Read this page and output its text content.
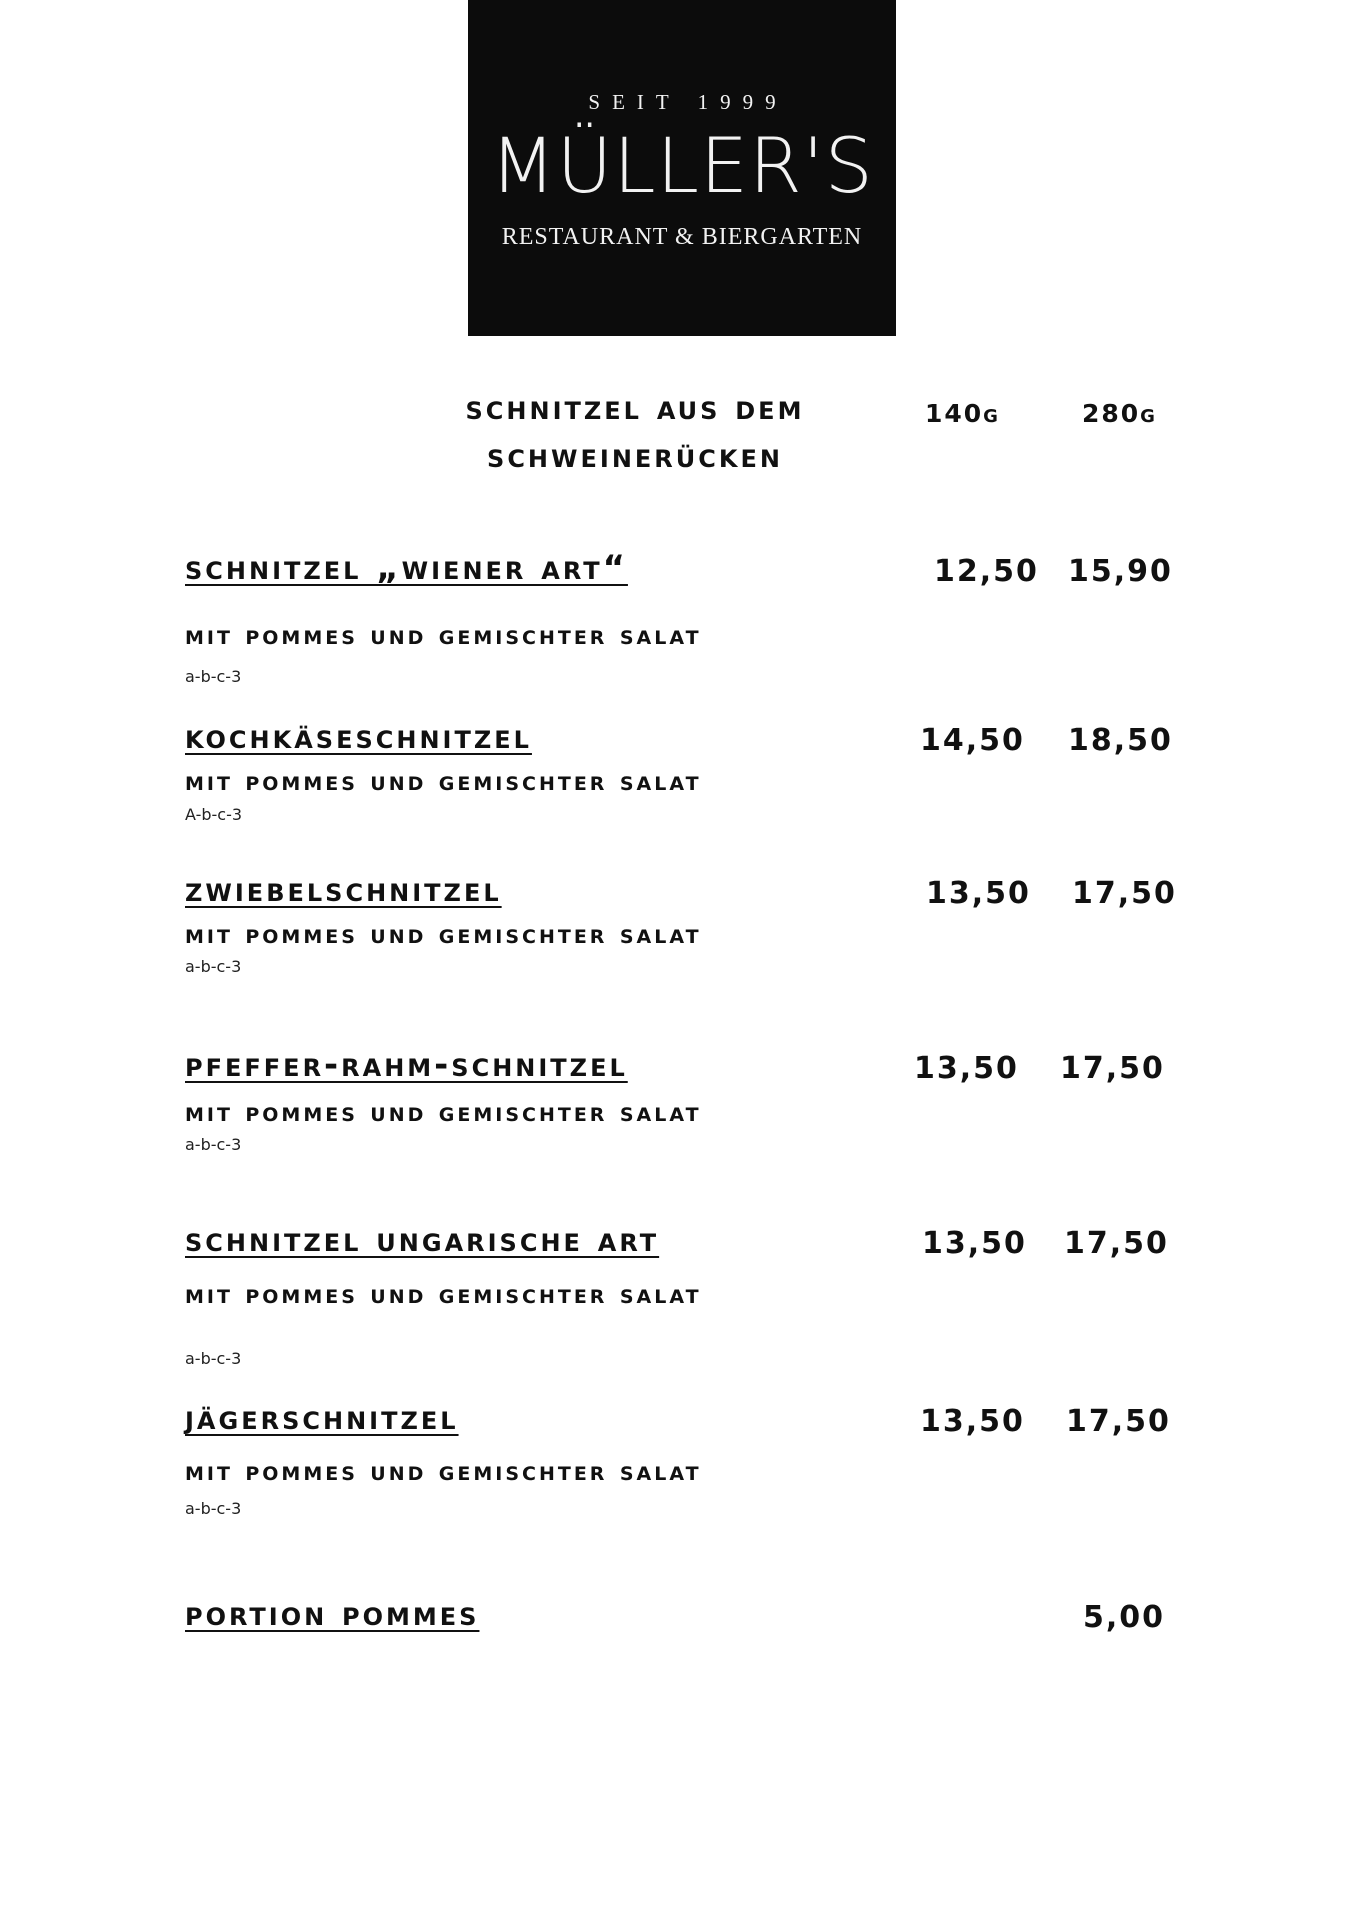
SEIT 1999
MÜLLER'S
RESTAURANT & BIERGARTEN
schnitzel aus dem
schweinerücken
140g	280g
schnitzel „wiener art“	12,50 15,90
mit pommes und gemischter salat
a-b-c-3
kochkäseschnitzel	14,50 18,50
mit pommes und gemischter salat
A-b-c-3
zwiebelschnitzel	13,50 17,50
mit pommes und gemischter salat
a-b-c-3
pfeffer-rahm-schnitzel	13,50 17,50
mit pommes und gemischter salat
a-b-c-3
schnitzel ungarische art	13,50 17,50
mit pommes und gemischter salat
a-b-c-3
jägerschnitzel	13,50 17,50
mit pommes und gemischter salat
a-b-c-3
portion pommes	5,00
